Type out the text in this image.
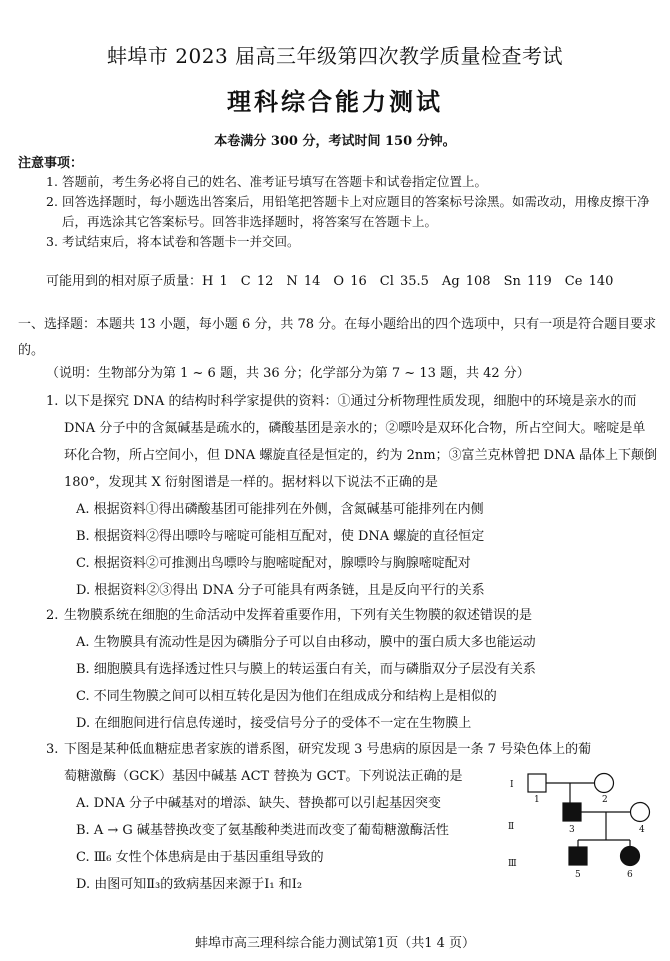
蚌埠市 2023 届高三年级第四次教学质量检查考试
理科综合能力测试
本卷满分 300 分，考试时间 150 分钟。
注意事项：
1. 答题前，考生务必将自己的姓名、准考证号填写在答题卡和试卷指定位置上。
2. 回答选择题时，每小题选出答案后，用铅笔把答题卡上对应题目的答案标号涂黑。如需改动，用橡皮擦干净后，再选涂其它答案标号。回答非选择题时，将答案写在答题卡上。
3. 考试结束后，将本试卷和答题卡一并交回。
可能用到的相对原子质量：H 1　C 12　N 14　O 16　Cl 35.5　Ag 108　Sn 119　Ce 140
一、选择题：本题共 13 小题，每小题 6 分，共 78 分。在每小题给出的四个选项中，只有一项是符合题目要求的。
（说明：生物部分为第 1 ~ 6 题，共 36 分；化学部分为第 7 ~ 13 题，共 42 分）
1. 以下是探究 DNA 的结构时科学家提供的资料：①通过分析物理性质发现，细胞中的环境是亲水的而 DNA 分子中的含氮碱基是疏水的，磷酸基团是亲水的；②嘌呤是双环化合物，所占空间大。嘧啶是单环化合物，所占空间小，但 DNA 螺旋直径是恒定的，约为 2nm；③富兰克林曾把 DNA 晶体上下颠倒 180°，发现其 X 衍射图谱是一样的。据材料以下说法不正确的是
A. 根据资料①得出磷酸基团可能排列在外侧，含氮碱基可能排列在内侧
B. 根据资料②得出嘌呤与嘧啶可能相互配对，使 DNA 螺旋的直径恒定
C. 根据资料②可推测出鸟嘌呤与胞嘧啶配对，腺嘌呤与胸腺嘧啶配对
D. 根据资料②③得出 DNA 分子可能具有两条链，且是反向平行的关系
2. 生物膜系统在细胞的生命活动中发挥着重要作用，下列有关生物膜的叙述错误的是
A. 生物膜具有流动性是因为磷脂分子可以自由移动，膜中的蛋白质大多也能运动
B. 细胞膜具有选择透过性只与膜上的转运蛋白有关，而与磷脂双分子层没有关系
C. 不同生物膜之间可以相互转化是因为他们在组成成分和结构上是相似的
D. 在细胞间进行信息传递时，接受信号分子的受体不一定在生物膜上
3. 下图是某种低血糖症患者家族的谱系图，研究发现 3 号患病的原因是一条 7 号染色体上的葡
萄糖激酶（GCK）基因中碱基 ACT 替换为 GCT。下列说法正确的是
A. DNA 分子中碱基对的增添、缺失、替换都可以引起基因突变
B. A → G 碱基替换改变了氨基酸种类进而改变了葡萄糖激酶活性
C. Ⅲ₆ 女性个体患病是由于基因重组导致的
D. 由图可知Ⅱ₃的致病基因来源于Ⅰ₁ 和Ⅰ₂
Ⅰ
Ⅱ
Ⅲ
1	2
3	4
5	6
蚌埠市高三理科综合能力测试第1页（共1 4 页）
